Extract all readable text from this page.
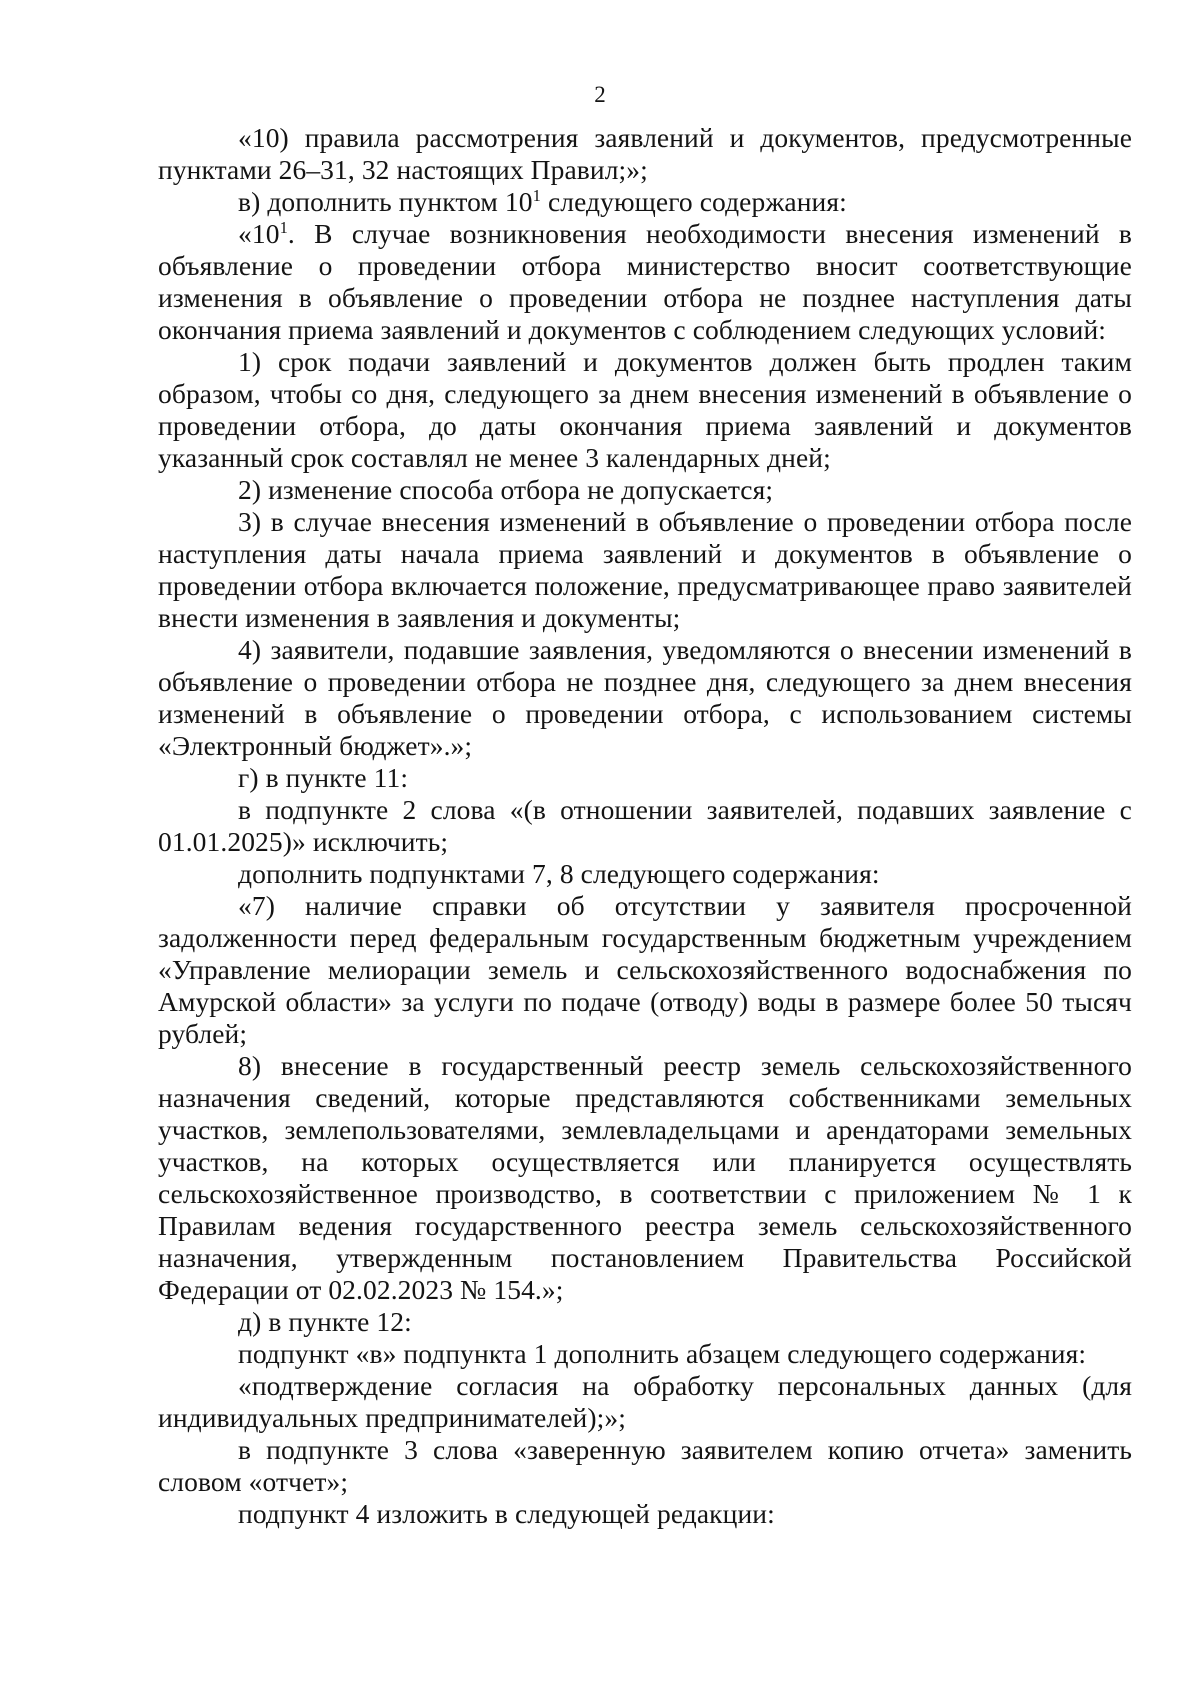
2

«10) правила рассмотрения заявлений и документов, предусмотренные пунктами 26–31, 32 настоящих Правил;»;

в) дополнить пунктом $10^1$ следующего содержания:

«$10^1$. В случае возникновения необходимости внесения изменений в объявление о проведении отбора министерство вносит соответствующие изменения в объявление о проведении отбора не позднее наступления даты окончания приема заявлений и документов с соблюдением следующих условий:

1) срок подачи заявлений и документов должен быть продлен таким образом, чтобы со дня, следующего за днем внесения изменений в объявление о проведении отбора, до даты окончания приема заявлений и документов указанный срок составлял не менее 3 календарных дней;

2) изменение способа отбора не допускается;

3) в случае внесения изменений в объявление о проведении отбора после наступления даты начала приема заявлений и документов в объявление о проведении отбора включается положение, предусматривающее право заявителей внести изменения в заявления и документы;

4) заявители, подавшие заявления, уведомляются о внесении изменений в объявление о проведении отбора не позднее дня, следующего за днем внесения изменений в объявление о проведении отбора, с использованием системы «Электронный бюджет».»;

г) в пункте 11:

в подпункте 2 слова «(в отношении заявителей, подавших заявление с 01.01.2025)» исключить;

дополнить подпунктами 7, 8 следующего содержания:

«7) наличие справки об отсутствии у заявителя просроченной задолженности перед федеральным государственным бюджетным учреждением «Управление мелиорации земель и сельскохозяйственного водоснабжения по Амурской области» за услуги по подаче (отводу) воды в размере более 50 тысяч рублей;

8) внесение в государственный реестр земель сельскохозяйственного назначения сведений, которые представляются собственниками земельных участков, землепользователями, землевладельцами и арендаторами земельных участков, на которых осуществляется или планируется осуществлять сельскохозяйственное производство, в соответствии с приложением № 1 к Правилам ведения государственного реестра земель сельскохозяйственного назначения, утвержденным постановлением Правительства Российской Федерации от 02.02.2023 № 154.»;

д) в пункте 12:

подпункт «в» подпункта 1 дополнить абзацем следующего содержания:

«подтверждение согласия на обработку персональных данных (для индивидуальных предпринимателей);»;

в подпункте 3 слова «заверенную заявителем копию отчета» заменить словом «отчет»;

подпункт 4 изложить в следующей редакции:
